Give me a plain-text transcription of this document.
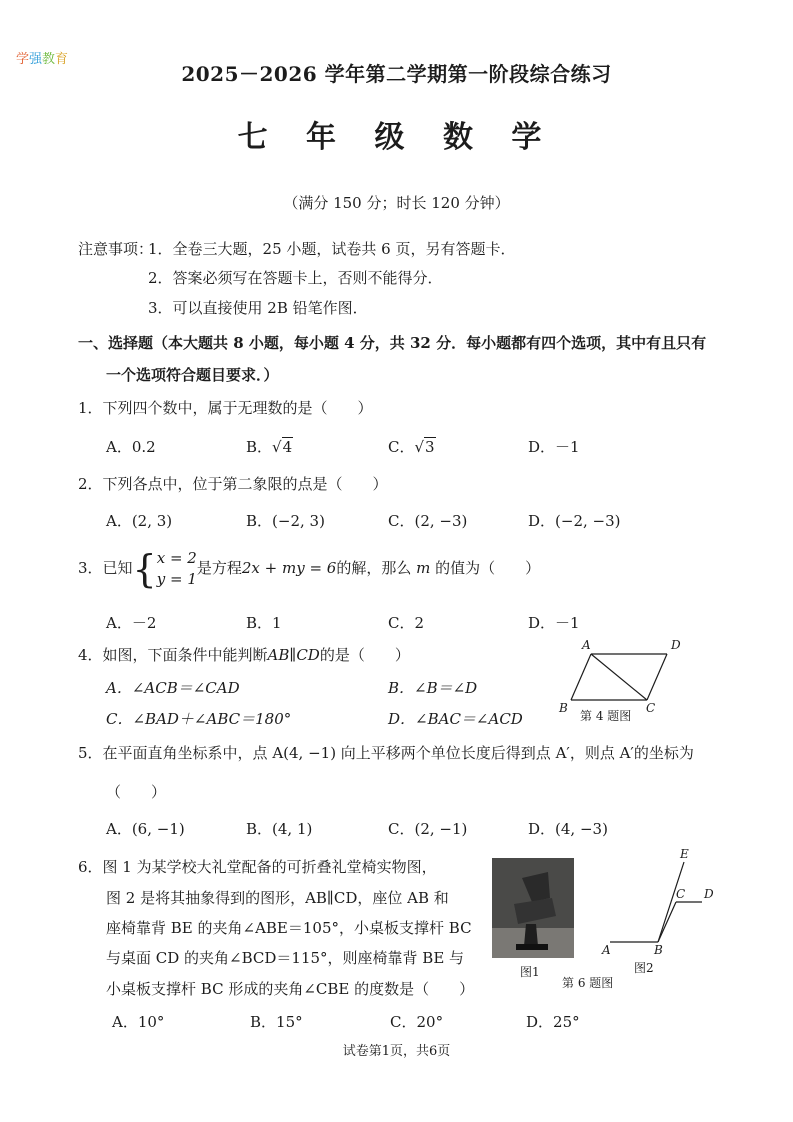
学强教育
2025－2026 学年第二学期第一阶段综合练习
七 年 级 数 学
（满分 150 分；时长 120 分钟）
注意事项：
1．全卷三大题，25 小题，试卷共 6 页，另有答题卡．
2．答案必须写在答题卡上，否则不能得分．
3．可以直接使用 2B 铅笔作图．
一、选择题（本大题共 8 小题，每小题 4 分，共 32 分．每小题都有四个选项，其中有且只有
一个选项符合题目要求．）
1．下列四个数中，属于无理数的是（　　）
A．0.2	B．√4	C．√3	D．－1
2．下列各点中，位于第二象限的点是（　　）
A．(2, 3)	B．(−2, 3)	C．(2, −3)	D．(−2, −3)
3．已知{x = 2
y = 1是方程2x + my = 6的解，那么 m 的值为（　　）
A．－2	B．1	C．2	D．－1
4．如图，下面条件中能判断AB∥CD的是（　　）
A．∠ACB＝∠CAD	B．∠B＝∠D
C．∠BAD＋∠ABC＝180°	D．∠BAC＝∠ACD
A	D
B	C
第 4 题图
5．在平面直角坐标系中，点 A(4, −1) 向上平移两个单位长度后得到点 A′，则点 A′的坐标为
（　　）
A．(6, −1)	B．(4, 1)	C．(2, −1)	D．(4, −3)
6．图 1 为某学校大礼堂配备的可折叠礼堂椅实物图，
图 2 是将其抽象得到的图形，AB∥CD，座位 AB 和
座椅靠背 BE 的夹角∠ABE＝105°，小桌板支撑杆 BC
与桌面 CD 的夹角∠BCD＝115°，则座椅靠背 BE 与
小桌板支撑杆 BC 形成的夹角∠CBE 的度数是（　　）
A．10°	B．15°	C．20°	D．25°
图1
第 6 题图
E
C D
A	B
图2
试卷第1页，共6页
